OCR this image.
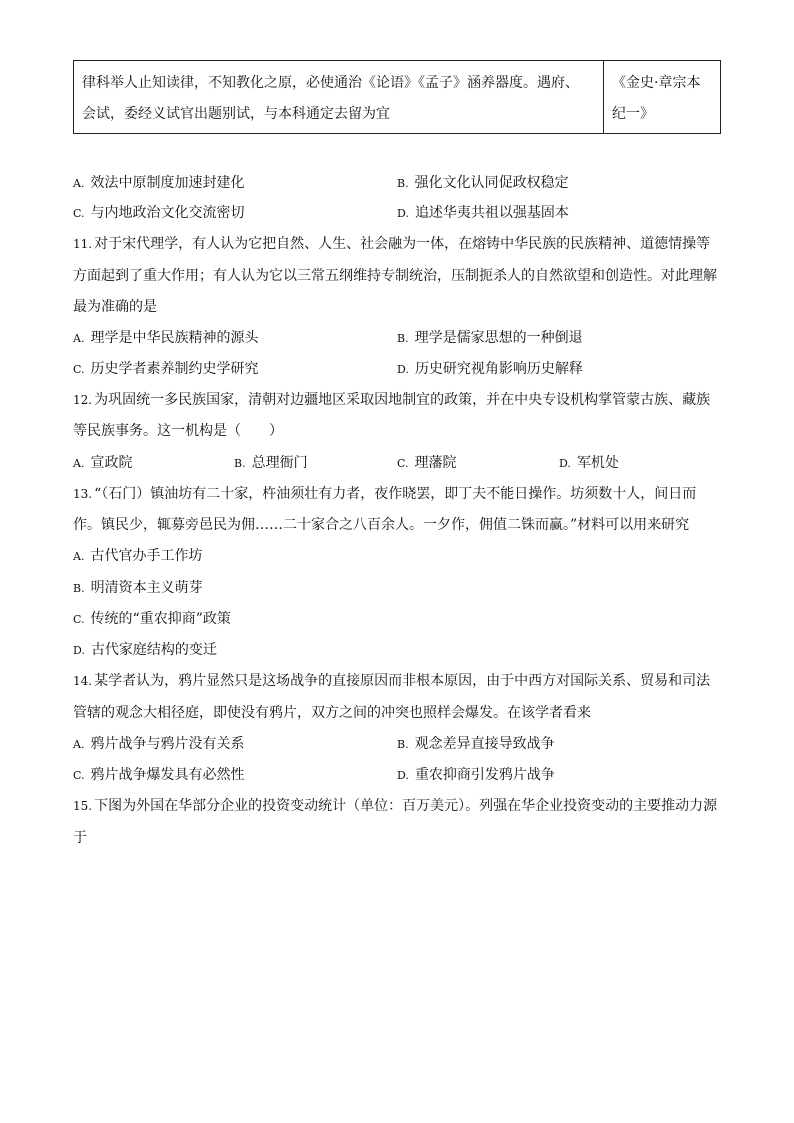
律科举人止知读律，不知教化之原，必使通治《论语》《孟子》涵养器度。遇府、
会试，委经义试官出题别试，与本科通定去留为宜
《金史·章宗本
纪一》
A. 效法中原制度加速封建化	B. 强化文化认同促政权稳定
C. 与内地政治文化交流密切	D. 追述华夷共祖以强基固本
11. 对于宋代理学，有人认为它把自然、人生、社会融为一体，在熔铸中华民族的民族精神、道德情操等
方面起到了重大作用；有人认为它以三常五纲维持专制统治，压制扼杀人的自然欲望和创造性。对此理解
最为准确的是
A. 理学是中华民族精神的源头	B. 理学是儒家思想的一种倒退
C. 历史学者素养制约史学研究	D. 历史研究视角影响历史解释
12. 为巩固统一多民族国家，清朝对边疆地区采取因地制宜的政策，并在中央专设机构掌管蒙古族、藏族
等民族事务。这一机构是（　　）
A. 宣政院	B. 总理衙门	C. 理藩院	D. 军机处
13. “（石门）镇油坊有二十家，杵油须壮有力者，夜作晓罢，即丁夫不能日操作。坊须数十人，间日而
作。镇民少，辄募旁邑民为佣……二十家合之八百余人。一夕作，佣值二铢而赢。”材料可以用来研究
A. 古代官办手工作坊
B. 明清资本主义萌芽
C. 传统的“重农抑商”政策
D. 古代家庭结构的变迁
14. 某学者认为，鸦片显然只是这场战争的直接原因而非根本原因，由于中西方对国际关系、贸易和司法
管辖的观念大相径庭，即使没有鸦片，双方之间的冲突也照样会爆发。在该学者看来
A. 鸦片战争与鸦片没有关系	B. 观念差异直接导致战争
C. 鸦片战争爆发具有必然性	D. 重农抑商引发鸦片战争
15. 下图为外国在华部分企业的投资变动统计（单位：百万美元）。列强在华企业投资变动的主要推动力源
于
